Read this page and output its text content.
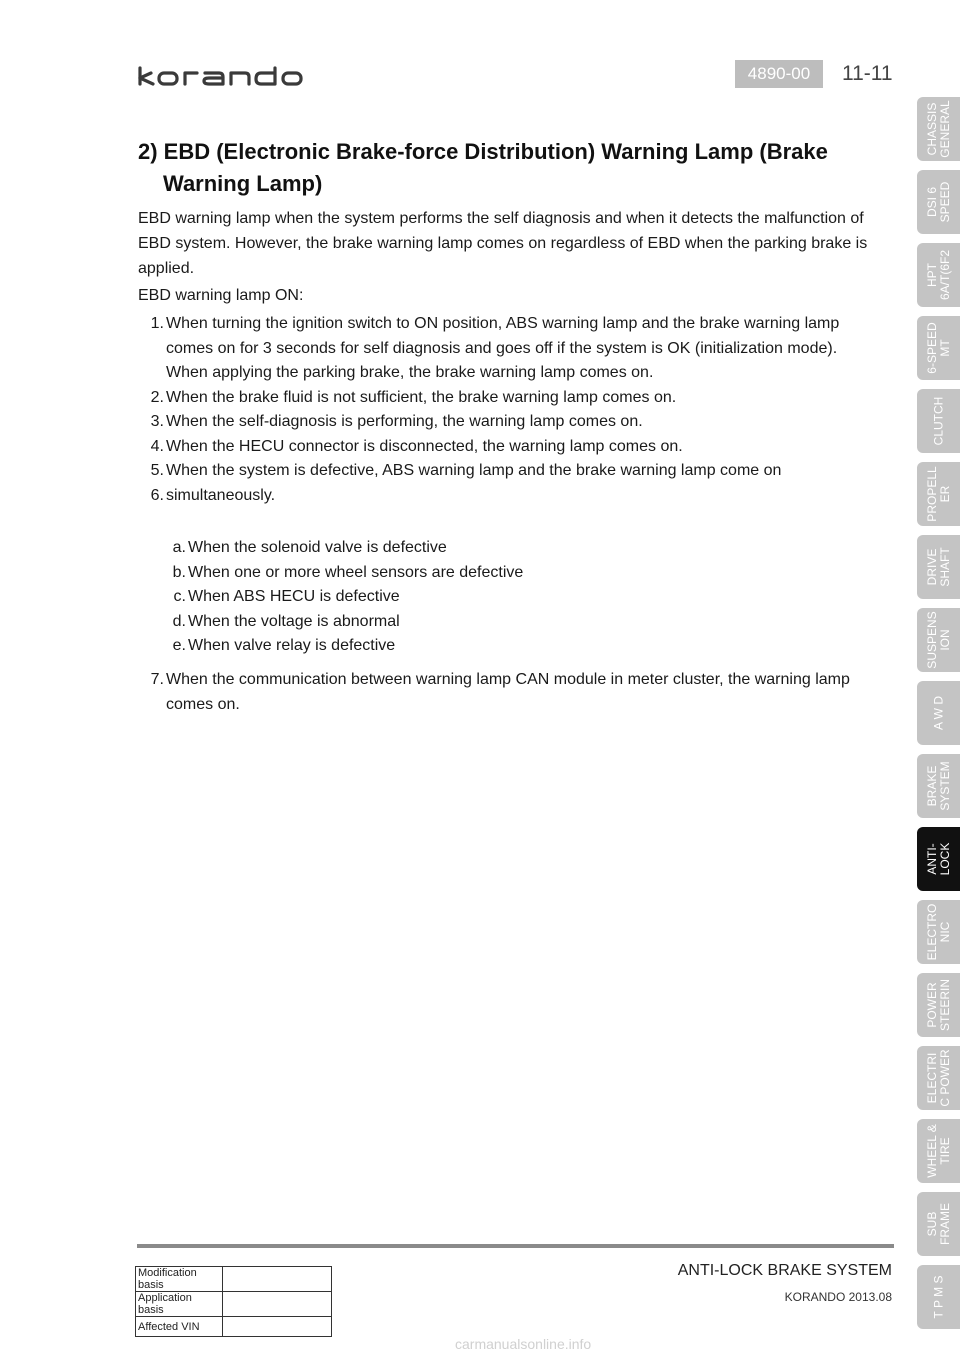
4890-00	11-11
2) EBD (Electronic Brake-force Distribution) Warning Lamp (Brake
Warning Lamp)
EBD warning lamp when the system performs the self diagnosis and when it detects the malfunction of EBD system. However, the brake warning lamp comes on regardless of EBD when the parking brake is applied.
EBD warning lamp ON:
1. When turning the ignition switch to ON position, ABS warning lamp and the brake warning lamp comes on for 3 seconds for self diagnosis and goes off if the system is OK (initialization mode). When applying the parking brake, the brake warning lamp comes on.
2. When the brake fluid is not sufficient, the brake warning lamp comes on.
3. When the self-diagnosis is performing, the warning lamp comes on.
4. When the HECU connector is disconnected, the warning lamp comes on.
5. When the system is defective, ABS warning lamp and the brake warning lamp come on
6. simultaneously.
a. When the solenoid valve is defective
b. When one or more wheel sensors are defective
c. When ABS HECU is defective
d. When the voltage is abnormal
e. When valve relay is defective
7. When the communication between warning lamp CAN module in meter cluster, the warning lamp comes on.
CHASSIS
GENERAL
DSI 6
SPEED
HPT
6A/T(6F2
6-SPEED
MT
CLUTCH
PROPELL
ER
DRIVE
SHAFT
SUSPENS
ION
A W D
BRAKE
SYSTEM
ANTI-
LOCK
ELECTRO
NIC
POWER
STEERIN
ELECTRI
C POWER
WHEEL &
TIRE
SUB
FRAME
T P M S
Modification basis	
Application basis	
Affected VIN	
ANTI-LOCK BRAKE SYSTEM
KORANDO 2013.08
carmanualsonline.info
